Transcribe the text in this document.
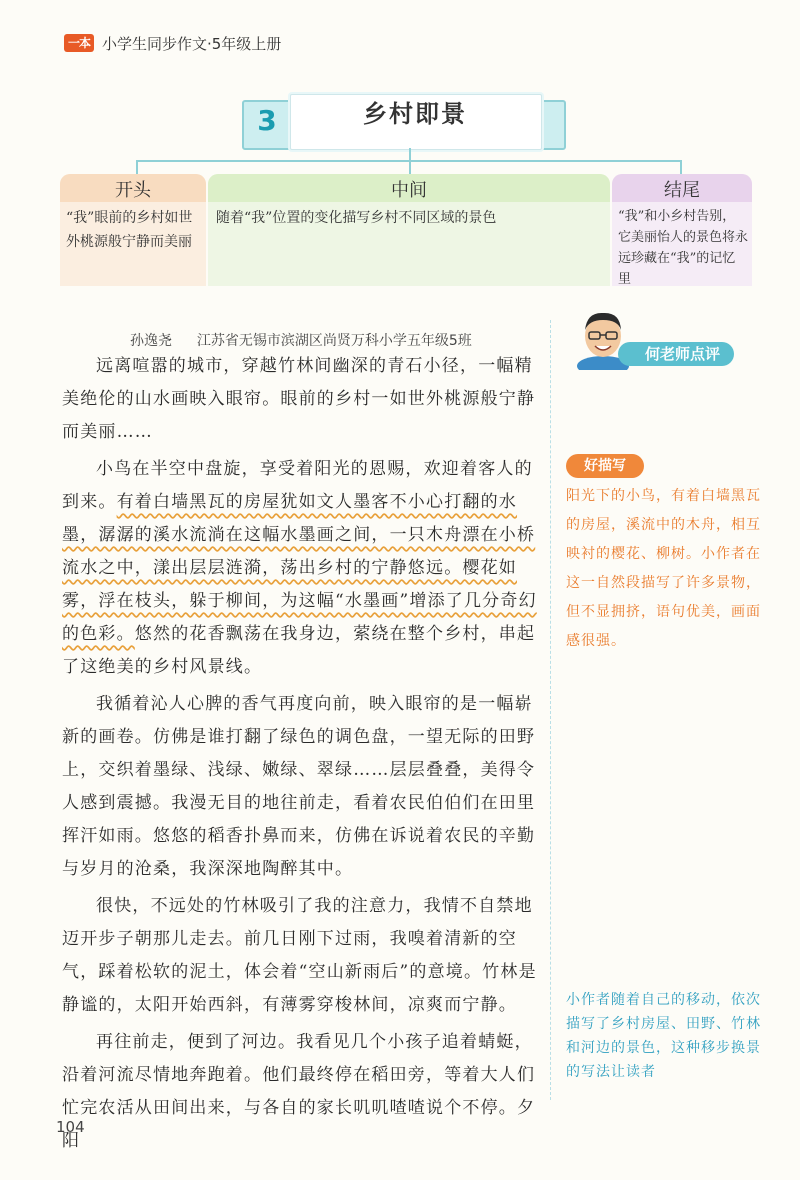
一本 小学生同步作文·5年级上册
3	乡村即景
开头
“我”眼前的乡村如世外桃源般宁静而美丽
中间
随着“我”位置的变化描写乡村不同区域的景色
结尾
“我”和小乡村告别，它美丽怡人的景色将永远珍藏在“我”的记忆里
孙逸尧 江苏省无锡市滨湖区尚贤万科小学五年级5班

远离喧嚣的城市，穿越竹林间幽深的青石小径，一幅精美绝伦的山水画映入眼帘。眼前的乡村一如世外桃源般宁静而美丽……

小鸟在半空中盘旋，享受着阳光的恩赐，欢迎着客人的到来。有着白墙黑瓦的房屋犹如文人墨客不小心打翻的水墨，潺潺的溪水流淌在这幅水墨画之间，一只木舟漂在小桥流水之中，漾出层层涟漪，荡出乡村的宁静悠远。樱花如雾，浮在枝头，躲于柳间，为这幅“水墨画”增添了几分奇幻的色彩。悠然的花香飘荡在我身边，萦绕在整个乡村，串起了这绝美的乡村风景线。

我循着沁人心脾的香气再度向前，映入眼帘的是一幅崭新的画卷。仿佛是谁打翻了绿色的调色盘，一望无际的田野上，交织着墨绿、浅绿、嫩绿、翠绿……层层叠叠，美得令人感到震撼。我漫无目的地往前走，看着农民伯伯们在田里挥汗如雨。悠悠的稻香扑鼻而来，仿佛在诉说着农民的辛勤与岁月的沧桑，我深深地陶醉其中。

很快，不远处的竹林吸引了我的注意力，我情不自禁地迈开步子朝那儿走去。前几日刚下过雨，我嗅着清新的空气，踩着松软的泥土，体会着“空山新雨后”的意境。竹林是静谧的，太阳开始西斜，有薄雾穿梭林间，凉爽而宁静。

再往前走，便到了河边。我看见几个小孩子追着蜻蜓，沿着河流尽情地奔跑着。他们最终停在稻田旁，等着大人们忙完农活从田间出来，与各自的家长叽叽喳喳说个不停。夕阳

何老师点评
好描写
阳光下的小鸟，有着白墙黑瓦的房屋，溪流中的木舟，相互映衬的樱花、柳树。小作者在这一自然段描写了许多景物，但不显拥挤，语句优美，画面感很强。
小作者随着自己的移动，依次描写了乡村房屋、田野、竹林和河边的景色，这种移步换景的写法让读者
104
